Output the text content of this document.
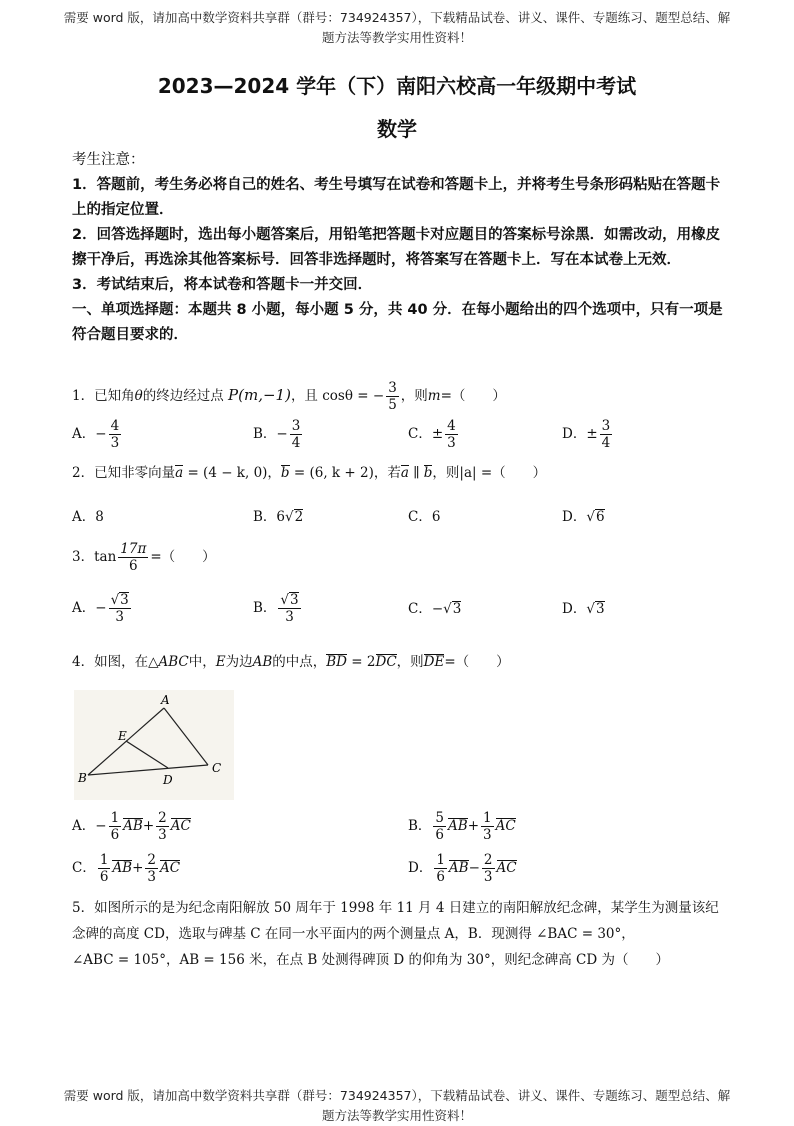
需要 word 版，请加高中数学资料共享群（群号：734924357），下载精品试卷、讲义、课件、专题练习、题型总结、解题方法等教学实用性资料！
2023—2024 学年（下）南阳六校高一年级期中考试
数学

考生注意：

1．答题前，考生务必将自己的姓名、考生号填写在试卷和答题卡上，并将考生号条形码粘贴在答题卡上的指定位置．

2．回答选择题时，选出每小题答案后，用铅笔把答题卡对应题目的答案标号涂黑．如需改动，用橡皮擦干净后，再选涂其他答案标号．回答非选择题时，将答案写在答题卡上．写在本试卷上无效．

3．考试结束后，将本试卷和答题卡一并交回．

一、单项选择题：本题共 8 小题，每小题 5 分，共 40 分．在每小题给出的四个选项中，只有一项是符合题目要求的．

1．已知角θ的终边经过点 P(m,−1)，且 cosθ = − $\frac{3}{5}$ ，则m=（　　）
A．− $\frac{4}{3}$	B．− $\frac{3}{4}$	C．± $\frac{4}{3}$	D．± $\frac{3}{4}$
2．已知非零向量a = (4 − k, 0)，b = (6, k + 2)，若a ∥ b，则|a| =（　　）
A．8	B．6√2	C．6	D．√6
3．$\tan \frac{17\pi}{6}$ =（　　）
A．− $\frac{√3}{3}$	B． $\frac{√3}{3}$	C．−√3	D．√3
4．如图，在△ABC中，E为边AB的中点，BD = 2DC，则DE=（　　）
A
E
B	D
C
A．− $\frac{1}{6} AB+ \frac{2}{3}$ AC	B． $\frac{5}{6} AB+ \frac{1}{3}$ AC
C． $\frac{1}{6} AB+ \frac{2}{3}$ AC	D． $\frac{1}{6} AB- \frac{2}{3}$ AC
5．如图所示的是为纪念南阳解放 50 周年于 1998 年 11 月 4 日建立的南阳解放纪念碑，某学生为测量该纪
念碑的高度 CD，选取与碑基 C 在同一水平面内的两个测量点 A，B．现测得 ∠BAC = 30°，
∠ABC = 105°，AB = 156 米，在点 B 处测得碑顶 D 的仰角为 30°，则纪念碑高 CD 为（　　）
需要 word 版，请加高中数学资料共享群（群号：734924357），下载精品试卷、讲义、课件、专题练习、题型总结、解题方法等教学实用性资料！
